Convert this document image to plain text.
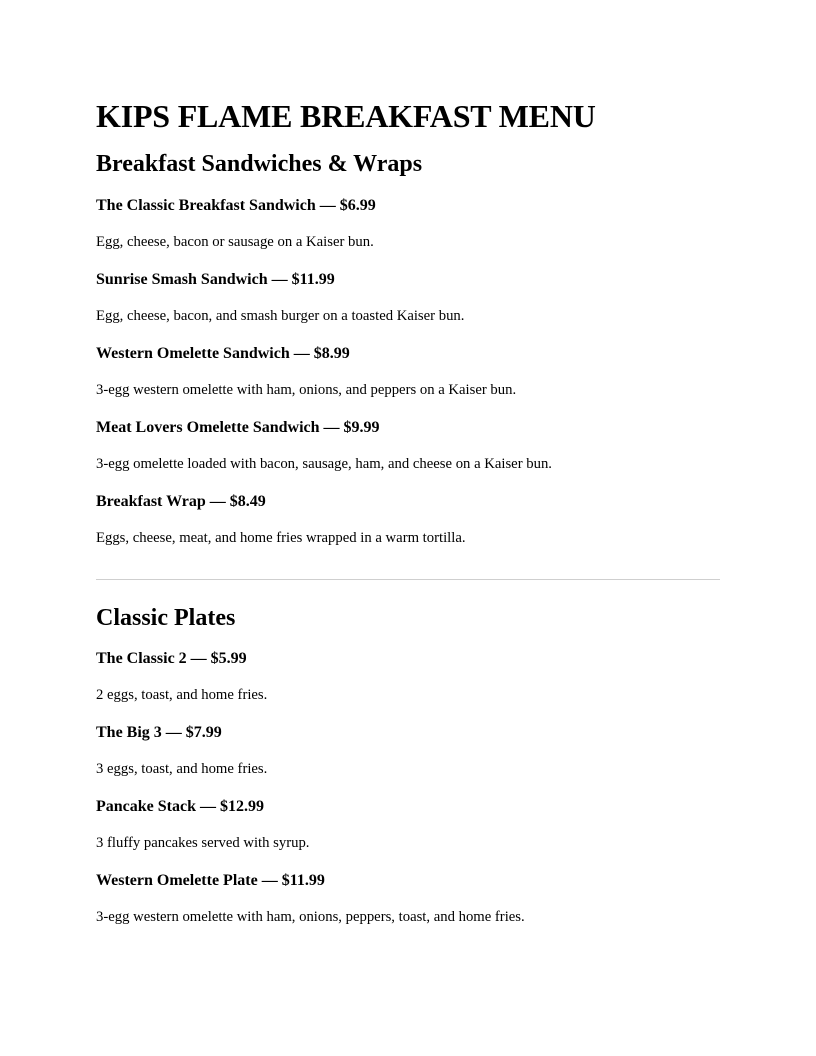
KIPS FLAME BREAKFAST MENU
Breakfast Sandwiches & Wraps
The Classic Breakfast Sandwich — $6.99

Egg, cheese, bacon or sausage on a Kaiser bun.

Sunrise Smash Sandwich — $11.99

Egg, cheese, bacon, and smash burger on a toasted Kaiser bun.

Western Omelette Sandwich — $8.99

3-egg western omelette with ham, onions, and peppers on a Kaiser bun.

Meat Lovers Omelette Sandwich — $9.99

3-egg omelette loaded with bacon, sausage, ham, and cheese on a Kaiser bun.

Breakfast Wrap — $8.49

Eggs, cheese, meat, and home fries wrapped in a warm tortilla.

Classic Plates
The Classic 2 — $5.99

2 eggs, toast, and home fries.

The Big 3 — $7.99

3 eggs, toast, and home fries.

Pancake Stack — $12.99

3 fluffy pancakes served with syrup.

Western Omelette Plate — $11.99

3-egg western omelette with ham, onions, peppers, toast, and home fries.
